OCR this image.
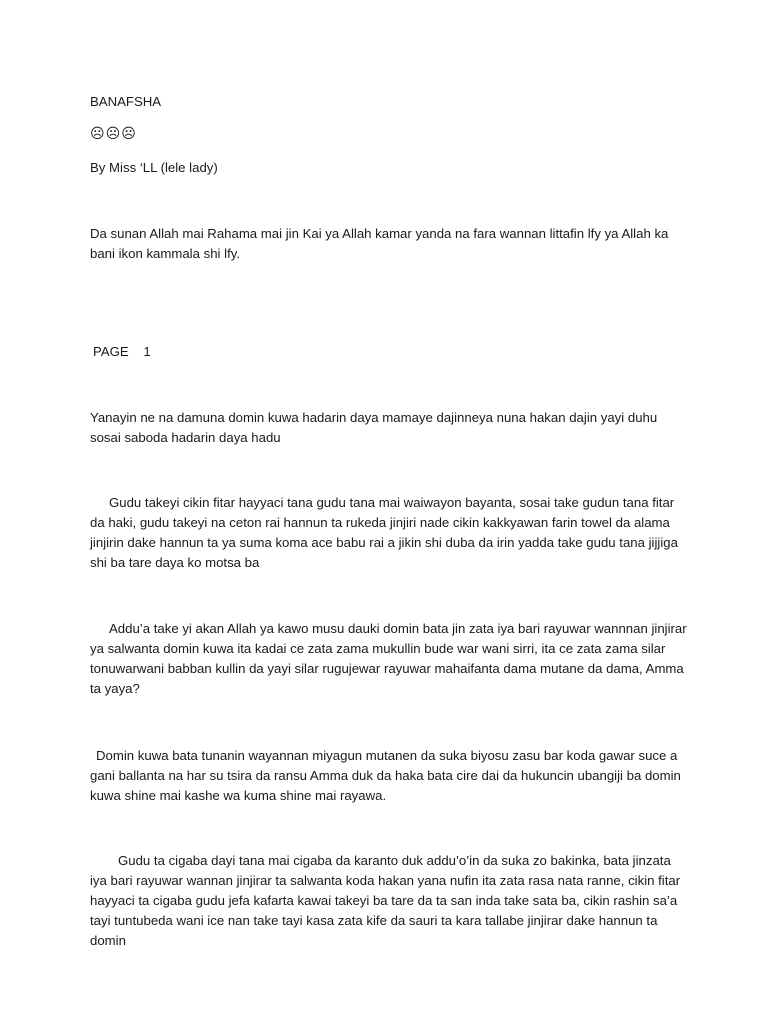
BANAFSHA

☹☹☹

By Miss ‘LL (lele lady)

Da sunan Allah mai Rahama mai jin Kai ya Allah kamar yanda na fara wannan littafin lfy ya Allah ka bani ikon kammala shi lfy.

PAGE    1

Yanayin ne na damuna domin kuwa hadarin daya mamaye dajinneya nuna hakan dajin yayi duhu sosai saboda hadarin daya hadu

Gudu takeyi cikin fitar hayyaci tana gudu tana mai waiwayon bayanta, sosai take gudun tana fitar da haki, gudu takeyi na ceton rai hannun ta rukeda jinjiri nade cikin kakkyawan farin towel da alama jinjirin dake hannun ta ya suma koma ace babu rai a jikin shi duba da irin yadda take gudu tana jijjiga shi ba tare daya ko motsa ba

Addu’a take yi akan Allah ya kawo musu dauki domin bata jin zata iya bari rayuwar wannnan jinjirar ya salwanta domin kuwa ita kadai ce zata zama mukullin bude war wani sirri, ita ce zata zama silar tonuwarwani babban kullin da yayi silar rugujewar rayuwar mahaifanta dama mutane da dama, Amma ta yaya?

Domin kuwa bata tunanin wayannan miyagun mutanen da suka biyosu zasu bar koda gawar suce a gani ballanta na har su tsira da ransu Amma duk da haka bata cire dai da hukuncin ubangiji ba domin kuwa shine mai kashe wa kuma shine mai rayawa.

Gudu ta cigaba dayi tana mai cigaba da karanto duk addu’o’in da suka zo bakinka, bata jinzata iya bari rayuwar wannan jinjirar ta salwanta koda hakan yana nufin ita zata rasa nata ranne, cikin fitar hayyaci ta cigaba gudu jefa kafarta kawai takeyi ba tare da ta san inda take sata ba, cikin rashin sa’a tayi tuntubeda wani ice nan take tayi kasa zata kife da sauri ta kara tallabe jinjirar dake hannun ta domin
